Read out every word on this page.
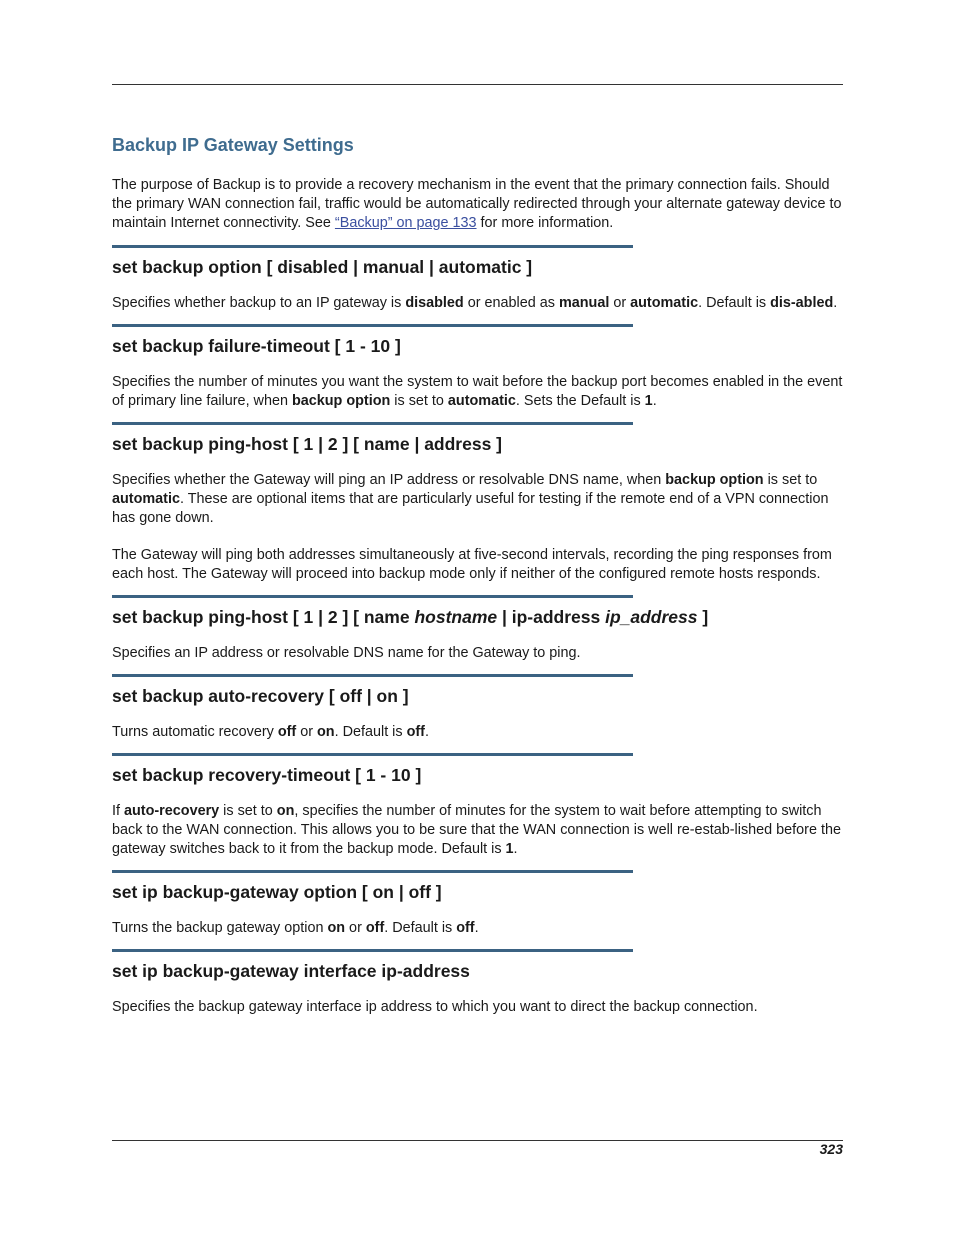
Backup IP Gateway Settings

The purpose of Backup is to provide a recovery mechanism in the event that the primary connection fails. Should the primary WAN connection fail, traffic would be automatically redirected through your alternate gateway device to maintain Internet connectivity. See “Backup” on page 133 for more information.

set backup option [ disabled | manual | automatic ]

Specifies whether backup to an IP gateway is disabled or enabled as manual or automatic. Default is dis-abled.

set backup failure-timeout [ 1 - 10 ]

Specifies the number of minutes you want the system to wait before the backup port becomes enabled in the event of primary line failure, when backup option is set to automatic. Sets the Default is 1.

set backup ping-host [ 1 | 2 ] [ name | address ]

Specifies whether the Gateway will ping an IP address or resolvable DNS name, when backup option is set to automatic. These are optional items that are particularly useful for testing if the remote end of a VPN connection has gone down.

The Gateway will ping both addresses simultaneously at five-second intervals, recording the ping responses from each host. The Gateway will proceed into backup mode only if neither of the configured remote hosts responds.

set backup ping-host [ 1 | 2 ] [ name hostname | ip-address ip_address ]

Specifies an IP address or resolvable DNS name for the Gateway to ping.

set backup auto-recovery [ off | on ]

Turns automatic recovery off or on. Default is off.

set backup recovery-timeout [ 1 - 10 ]

If auto-recovery is set to on, specifies the number of minutes for the system to wait before attempting to switch back to the WAN connection. This allows you to be sure that the WAN connection is well re-estab-lished before the gateway switches back to it from the backup mode. Default is 1.

set ip backup-gateway option [ on | off ]

Turns the backup gateway option on or off. Default is off.

set ip backup-gateway interface ip-address

Specifies the backup gateway interface ip address to which you want to direct the backup connection.

323
